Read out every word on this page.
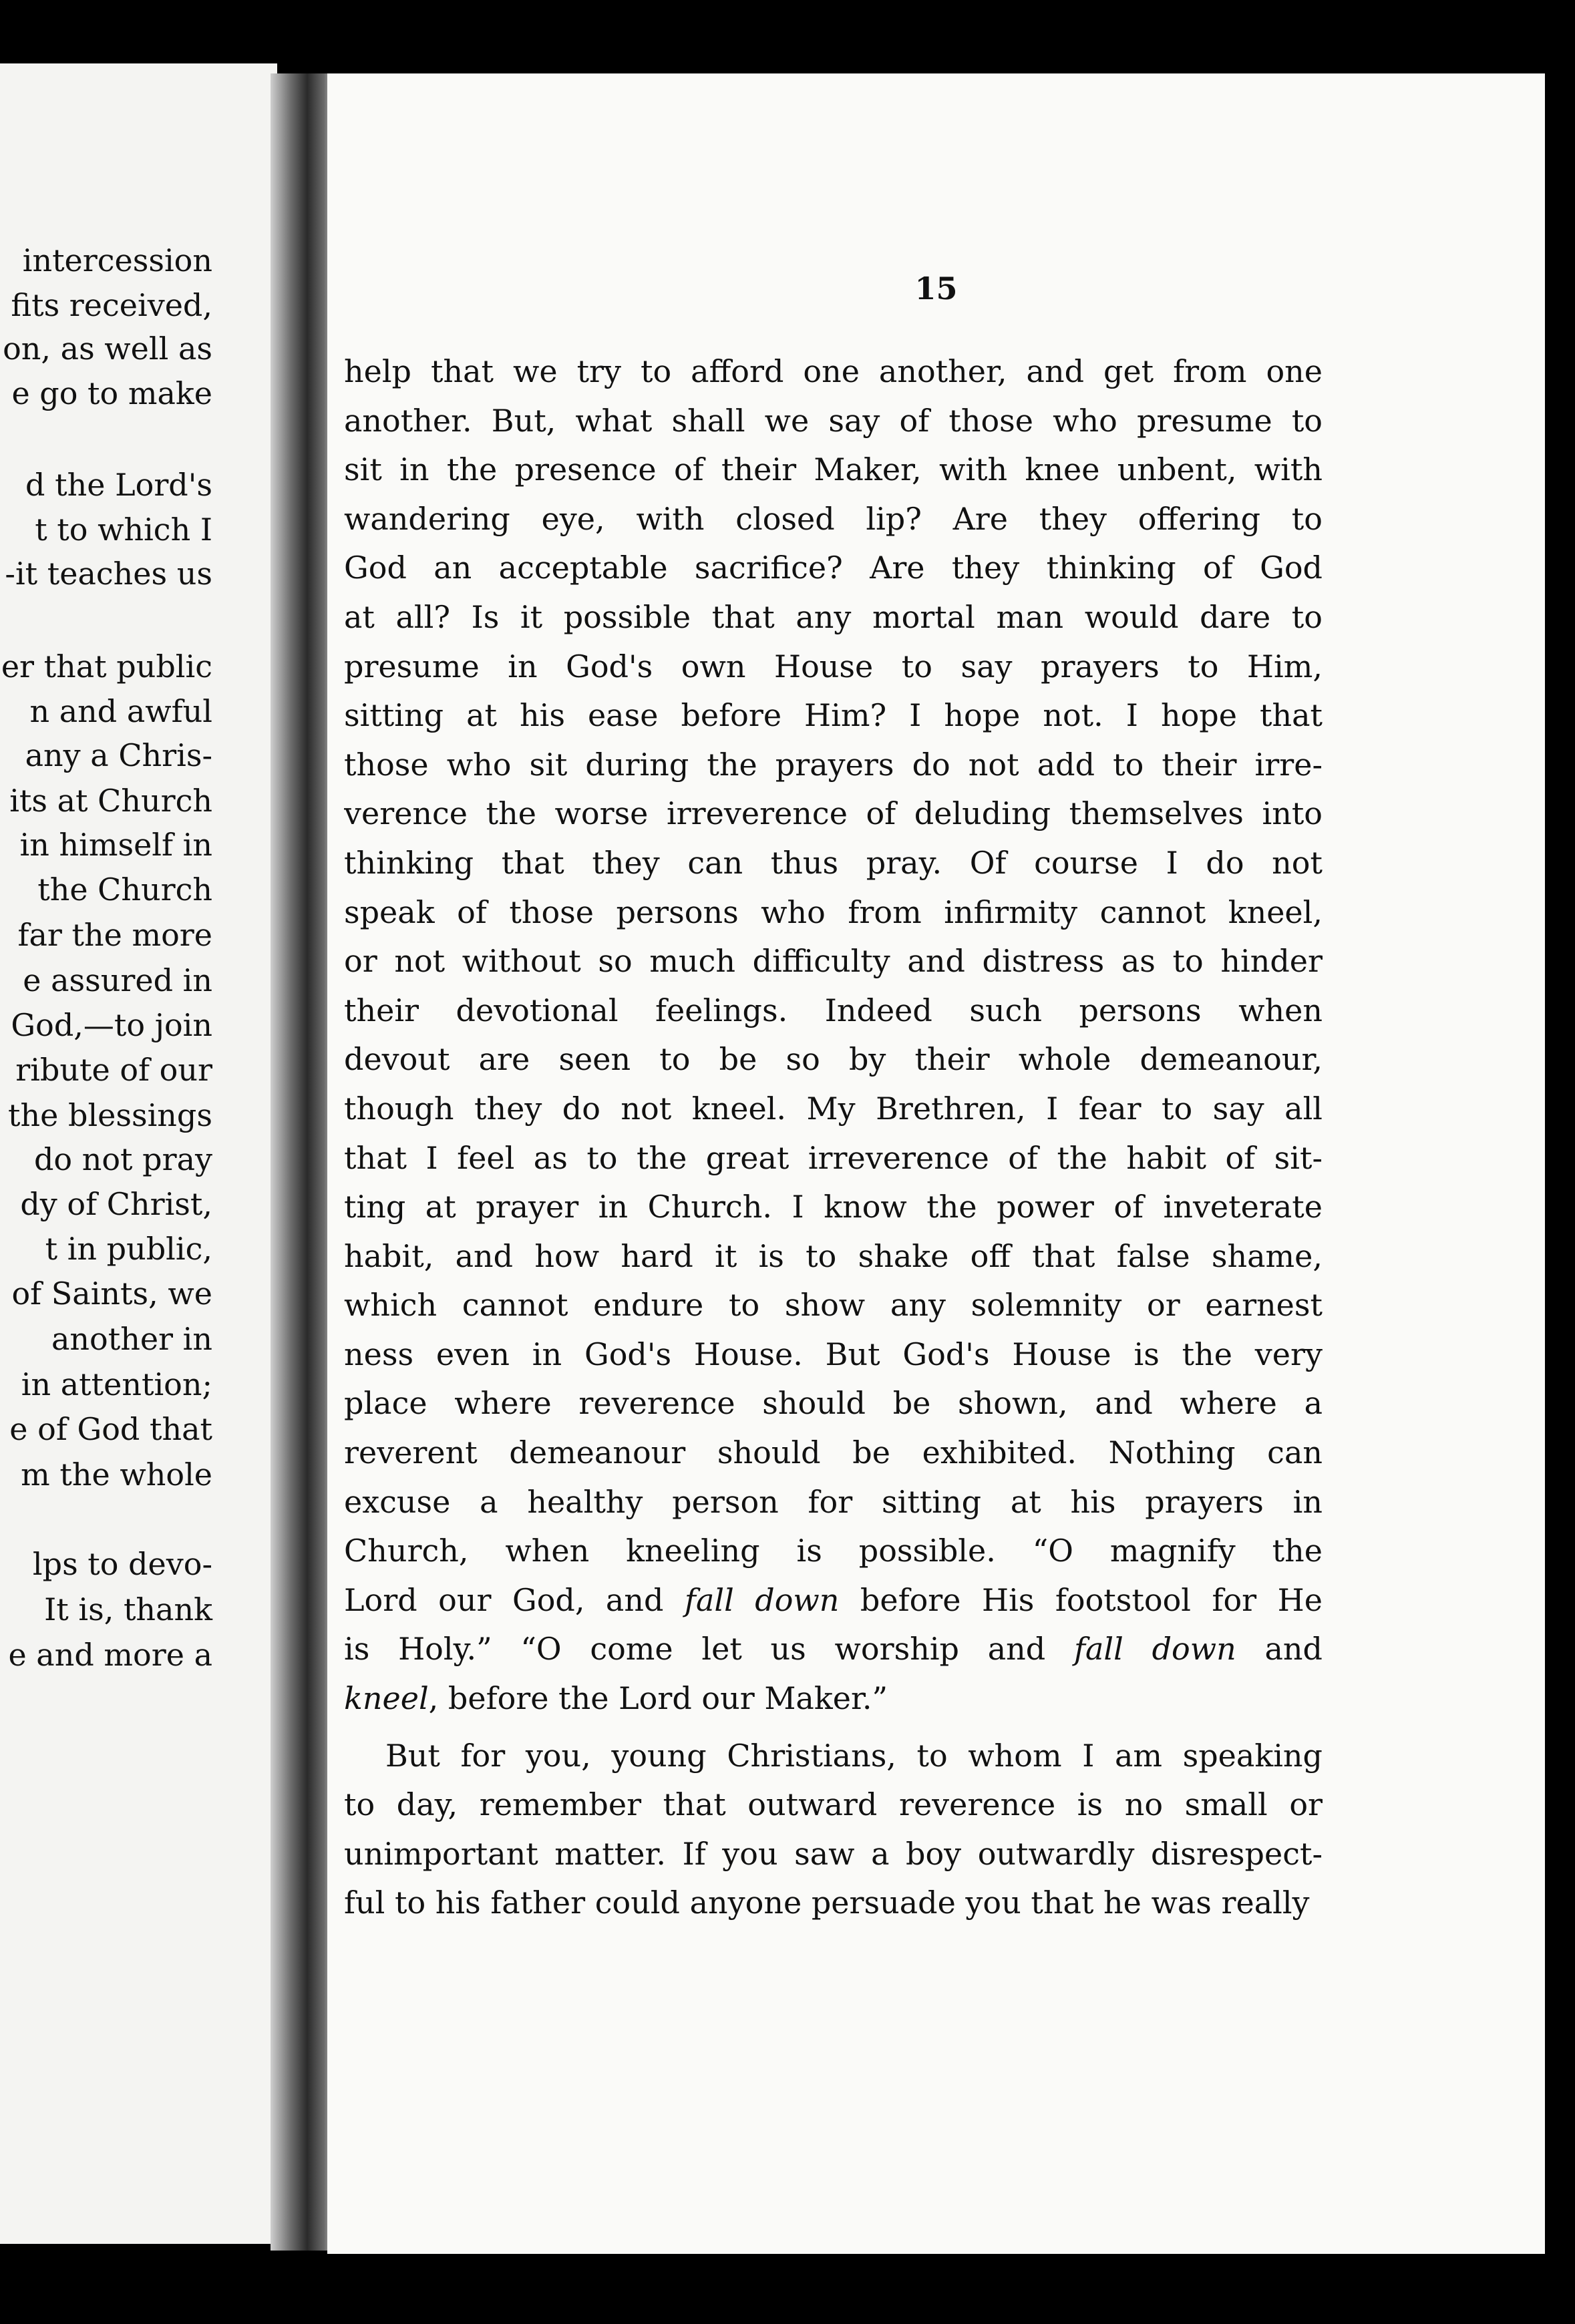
intercession
fits received,
on, as well as
e go to make
d the Lord's
t to which I
-it teaches us
er that public
n and awful
any a Chris-
its at Church
in himself in
the Church
far the more
e assured in
God,—to join
ribute of our
the blessings
do not pray
dy of Christ,
t in public,
of Saints, we
another in
in attention;
e of God that
m the whole
lps to devo-
It is, thank
e and more a
15
help that we try to afford one another, and get from one
another. But, what shall we say of those who presume to
sit in the presence of their Maker, with knee unbent, with
wandering eye, with closed lip? Are they offering to
God an acceptable sacrifice? Are they thinking of God
at all? Is it possible that any mortal man would dare to
presume in God's own House to say prayers to Him,
sitting at his ease before Him? I hope not. I hope that
those who sit during the prayers do not add to their irre-
verence the worse irreverence of deluding themselves into
thinking that they can thus pray. Of course I do not
speak of those persons who from infirmity cannot kneel,
or not without so much difficulty and distress as to hinder
their devotional feelings. Indeed such persons when
devout are seen to be so by their whole demeanour,
though they do not kneel. My Brethren, I fear to say all
that I feel as to the great irreverence of the habit of sit-
ting at prayer in Church. I know the power of inveterate
habit, and how hard it is to shake off that false shame,
which cannot endure to show any solemnity or earnest
ness even in God's House. But God's House is the very
place where reverence should be shown, and where a
reverent demeanour should be exhibited. Nothing can
excuse a healthy person for sitting at his prayers in
Church, when kneeling is possible. “O magnify the
Lord our God, and fall down before His footstool for He
is Holy.” “O come let us worship and fall down and
kneel, before the Lord our Maker.”
But for you, young Christians, to whom I am speaking
to day, remember that outward reverence is no small or
unimportant matter. If you saw a boy outwardly disrespect-
ful to his father could anyone persuade you that he was really
